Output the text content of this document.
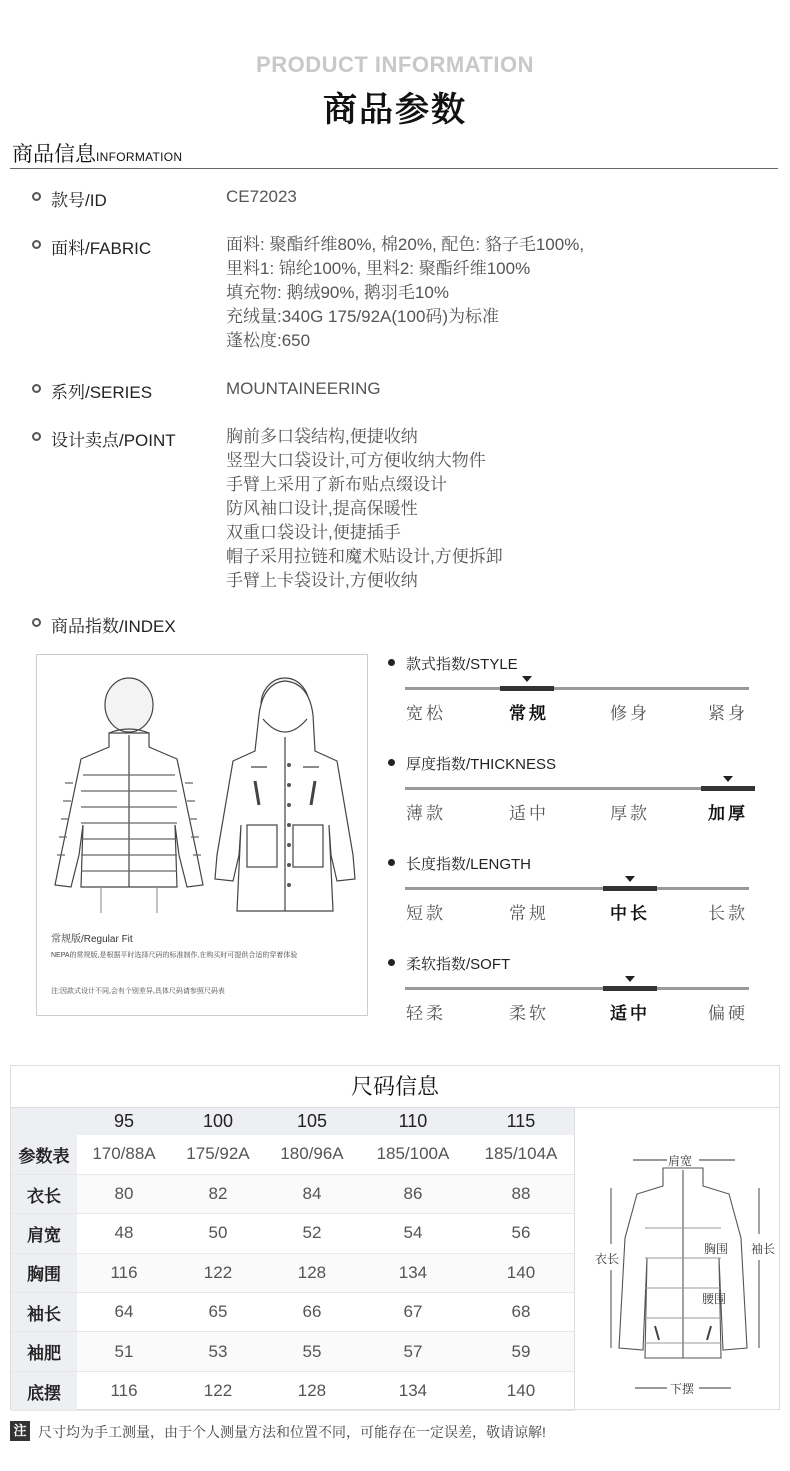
PRODUCT INFORMATION
商品参数
商品信息INFORMATION
款号/ID	CE72023
面料/FABRIC	面料: 聚酯纤维80%, 棉20%, 配色: 貉子毛100%,
里料1: 锦纶100%, 里料2: 聚酯纤维100%
填充物: 鹅绒90%, 鹅羽毛10%
充绒量:340G 175/92A(100码)为标准
蓬松度:650
系列/SERIES	MOUNTAINEERING
设计卖点/POINT	胸前多口袋结构,便捷收纳
竖型大口袋设计,可方便收纳大物件
手臂上采用了新布贴点缀设计
防风袖口设计,提高保暖性
双重口袋设计,便捷插手
帽子采用拉链和魔术贴设计,方便拆卸
手臂上卡袋设计,方便收纳
商品指数/INDEX
常规版/Regular Fit
NEPA的常规版,是根据平时选择尺码的标准制作,在购买时可提供合适的穿着体验
注:因款式设计不同,会有个别差异,具体尺码请参照尺码表
款式指数/STYLE
宽松	常规	修身	紧身
厚度指数/THICKNESS
薄款	适中	厚款	加厚
长度指数/LENGTH
短款	常规	中长	长款
柔软指数/SOFT
轻柔	柔软	适中	偏硬
尺码信息
	95	100	105	110	115
参数表	170/88A	175/92A	180/96A	185/100A	185/104A
衣长	80	82	84	86	88
肩宽	48	50	52	54	56
胸围	116	122	128	134	140
袖长	64	65	66	67	68
袖肥	51	53	55	57	59
底摆	116	122	128	134	140
肩宽
衣长
袖长
胸围
腰围
下摆
注 尺寸均为手工测量，由于个人测量方法和位置不同，可能存在一定误差，敬请谅解!
